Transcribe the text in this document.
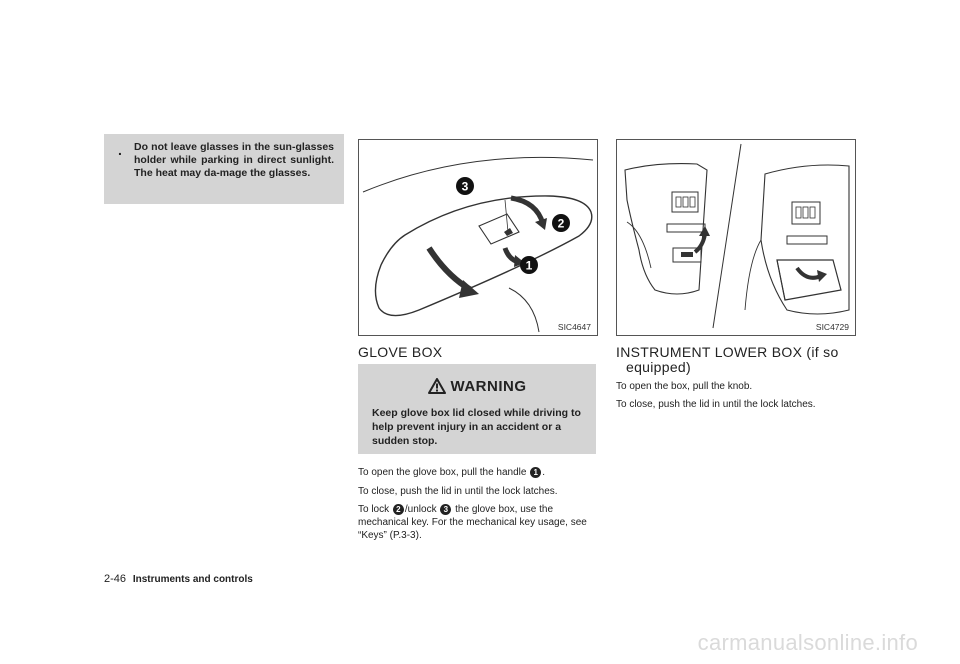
. Do not leave glasses in the sun-glasses holder while parking in direct sunlight. The heat may da-mage the glasses.
3
2
1
SIC4647	SIC4729
GLOVE BOX
WARNING
Keep glove box lid closed while driving to help prevent injury in an accident or a sudden stop.
To open the glove box, pull the handle 1 .
To close, push the lid in until the lock latches.
To lock 2 /unlock 3 the glove box, use the mechanical key. For the mechanical key usage, see “Keys” (P.3-3).
INSTRUMENT LOWER BOX (if so
equipped)
To open the box, pull the knob.
To close, push the lid in until the lock latches.
2-46 Instruments and controls
carmanualsonline.info
